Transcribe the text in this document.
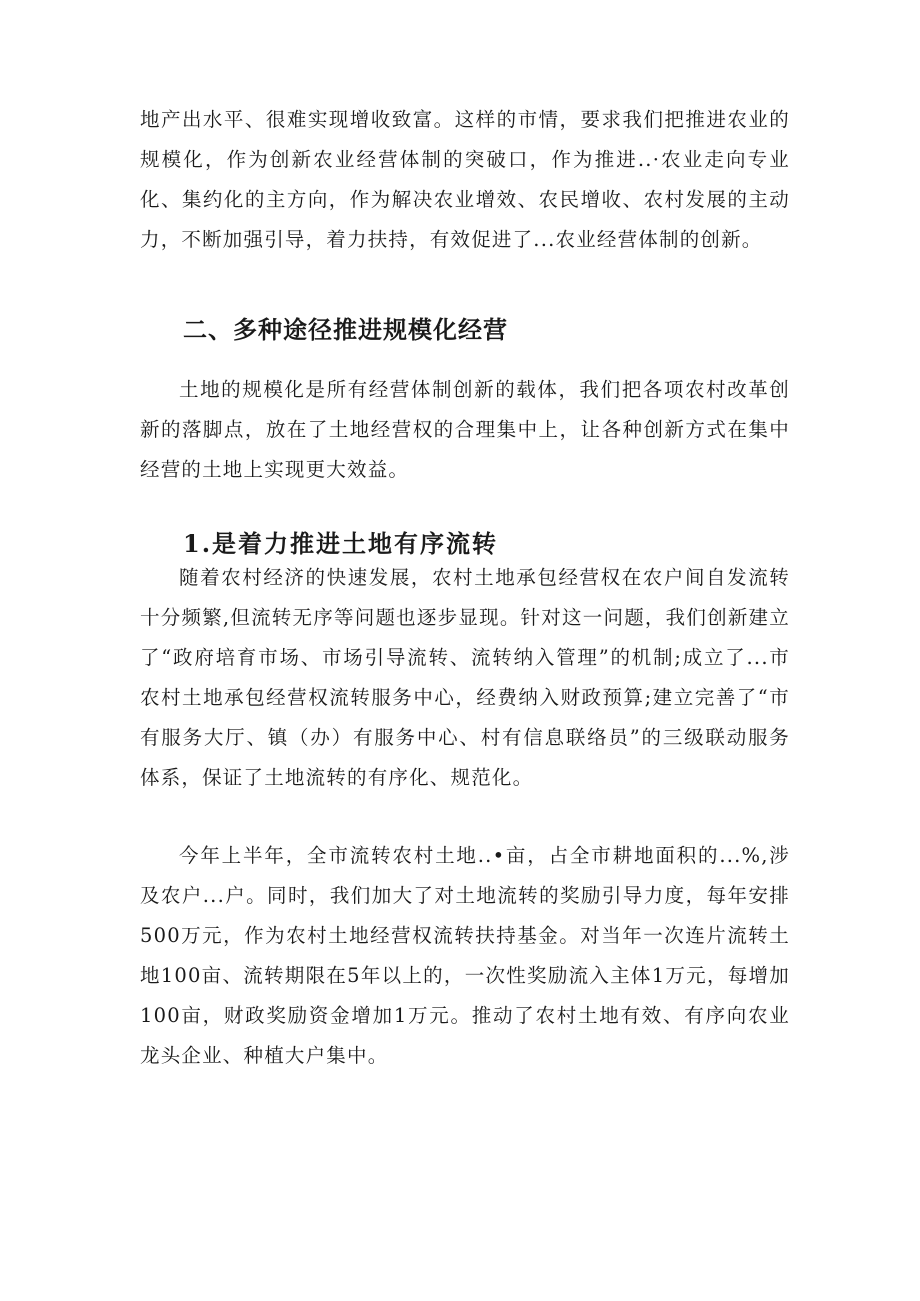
地产出水平、很难实现增收致富。这样的市情，要求我们把推进农业的规模化，作为创新农业经营体制的突破口，作为推进..·农业走向专业化、集约化的主方向，作为解决农业增效、农民增收、农村发展的主动力，不断加强引导，着力扶持，有效促进了...农业经营体制的创新。

二、多种途径推进规模化经营

土地的规模化是所有经营体制创新的载体，我们把各项农村改革创新的落脚点，放在了土地经营权的合理集中上，让各种创新方式在集中经营的土地上实现更大效益。

1.是着力推进土地有序流转

随着农村经济的快速发展，农村土地承包经营权在农户间自发流转十分频繁,但流转无序等问题也逐步显现。针对这一问题，我们创新建立了“政府培育市场、市场引导流转、流转纳入管理”的机制;成立了...市农村土地承包经营权流转服务中心，经费纳入财政预算;建立完善了“市有服务大厅、镇（办）有服务中心、村有信息联络员”的三级联动服务体系，保证了土地流转的有序化、规范化。

今年上半年，全市流转农村土地..•亩，占全市耕地面积的...%,涉及农户...户。同时，我们加大了对土地流转的奖励引导力度，每年安排500万元，作为农村土地经营权流转扶持基金。对当年一次连片流转土地100亩、流转期限在5年以上的，一次性奖励流入主体1万元，每增加100亩，财政奖励资金增加1万元。推动了农村土地有效、有序向农业龙头企业、种植大户集中。
